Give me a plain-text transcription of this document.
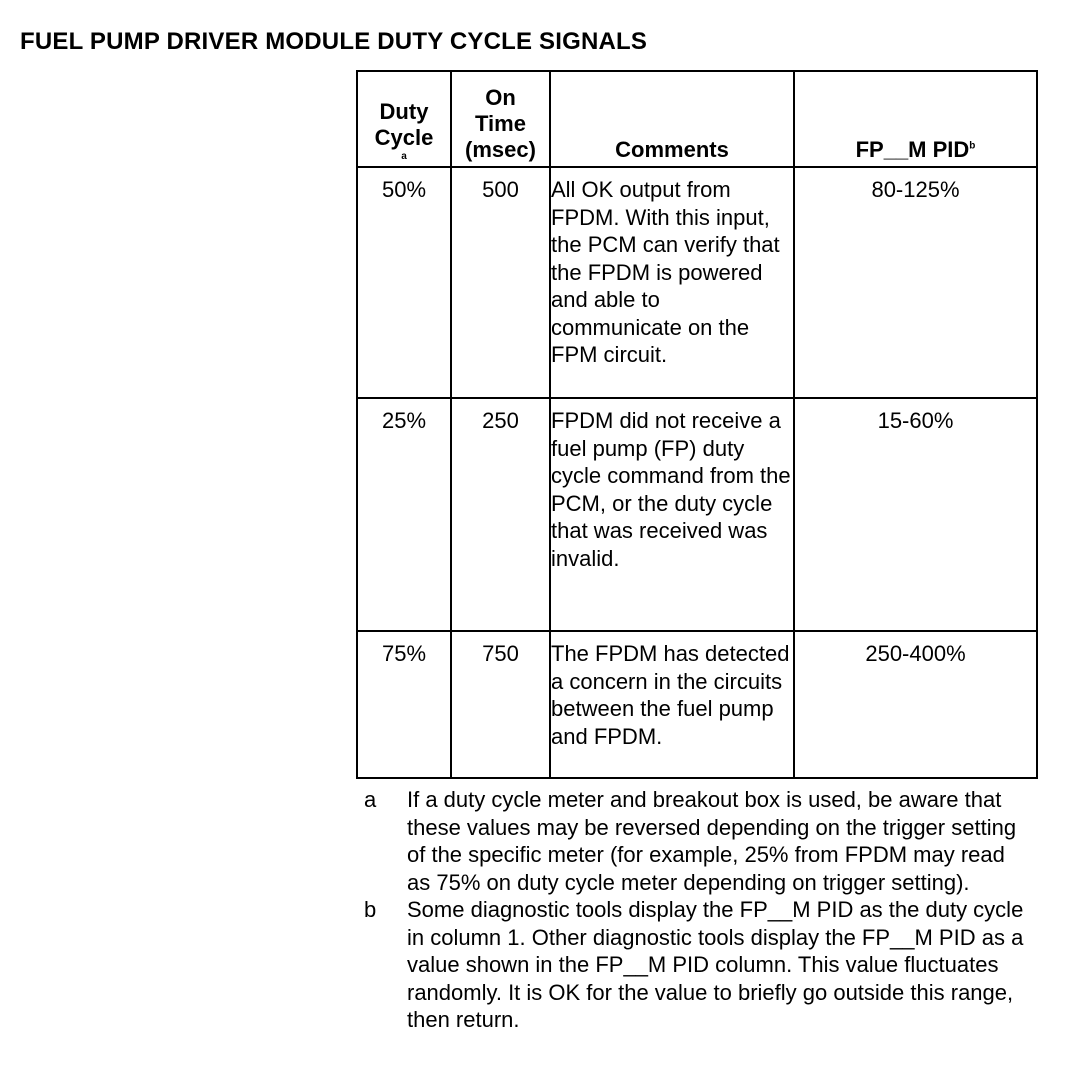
FUEL PUMP DRIVER MODULE DUTY CYCLE SIGNALS
Duty
Cycle
a	On
Time
(msec)	Comments	FP__M PID$^b$
50%	500	All OK output from FPDM. With this input, the PCM can verify that the FPDM is powered and able to communicate on the FPM circuit.	80-125%
25%	250	FPDM did not receive a fuel pump (FP) duty cycle command from the PCM, or the duty cycle that was received was invalid.	15-60%
75%	750	The FPDM has detected a concern in the circuits between the fuel pump and FPDM.	250-400%
a	If a duty cycle meter and breakout box is used, be aware that these values may be reversed depending on the trigger setting of the specific meter (for example, 25% from FPDM may read as 75% on duty cycle meter depending on trigger setting).
b	Some diagnostic tools display the FP__M PID as the duty cycle in column 1. Other diagnostic tools display the FP__M PID as a value shown in the FP__M PID column. This value fluctuates randomly. It is OK for the value to briefly go outside this range, then return.
